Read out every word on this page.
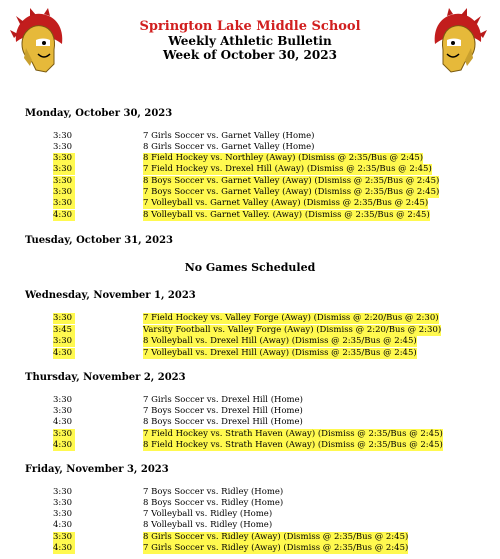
Springton Lake Middle School

Weekly Athletic Bulletin

Week of October 30, 2023

Monday, October 30, 2023
3:30	7 Girls Soccer vs. Garnet Valley (Home)
3:30	8 Girls Soccer vs. Garnet Valley (Home)
3:30	8 Field Hockey vs. Northley (Away) (Dismiss @ 2:35/Bus @ 2:45)
3:30	7 Field Hockey vs. Drexel Hill (Away) (Dismiss @ 2:35/Bus @ 2:45)
3:30	8 Boys Soccer vs. Garnet Valley (Away) (Dismiss @ 2:35/Bus @ 2:45)
3:30	7 Boys Soccer vs. Garnet Valley (Away) (Dismiss @ 2:35/Bus @ 2:45)
3:30	7 Volleyball vs. Garnet Valley (Away) (Dismiss @ 2:35/Bus @ 2:45)
4:30	8 Volleyball vs. Garnet Valley. (Away) (Dismiss @ 2:35/Bus @ 2:45)
Tuesday, October 31, 2023
No Games Scheduled
Wednesday, November 1, 2023
3:30	7 Field Hockey vs. Valley Forge (Away) (Dismiss @ 2:20/Bus @ 2:30)
3:45	Varsity Football vs. Valley Forge (Away) (Dismiss @ 2:20/Bus @ 2:30)
3:30	8 Volleyball vs. Drexel Hill (Away) (Dismiss @ 2:35/Bus @ 2:45)
4:30	7 Volleyball vs. Drexel Hill (Away) (Dismiss @ 2:35/Bus @ 2:45)
Thursday, November 2, 2023
3:30	7 Girls Soccer vs. Drexel Hill (Home)
3:30	7 Boys Soccer vs. Drexel Hill (Home)
4:30	8 Boys Soccer vs. Drexel Hill (Home)
3:30	7 Field Hockey vs. Strath Haven (Away) (Dismiss @ 2:35/Bus @ 2:45)
4:30	8 Field Hockey vs. Strath Haven (Away) (Dismiss @ 2:35/Bus @ 2:45)
Friday, November 3, 2023
3:30	7 Boys Soccer vs. Ridley (Home)
3:30	8 Boys Soccer vs. Ridley (Home)
3:30	7 Volleyball vs. Ridley (Home)
4:30	8 Volleyball vs. Ridley (Home)
3:30	8 Girls Soccer vs. Ridley (Away) (Dismiss @ 2:35/Bus @ 2:45)
4:30	7 Girls Soccer vs. Ridley (Away) (Dismiss @ 2:35/Bus @ 2:45)
